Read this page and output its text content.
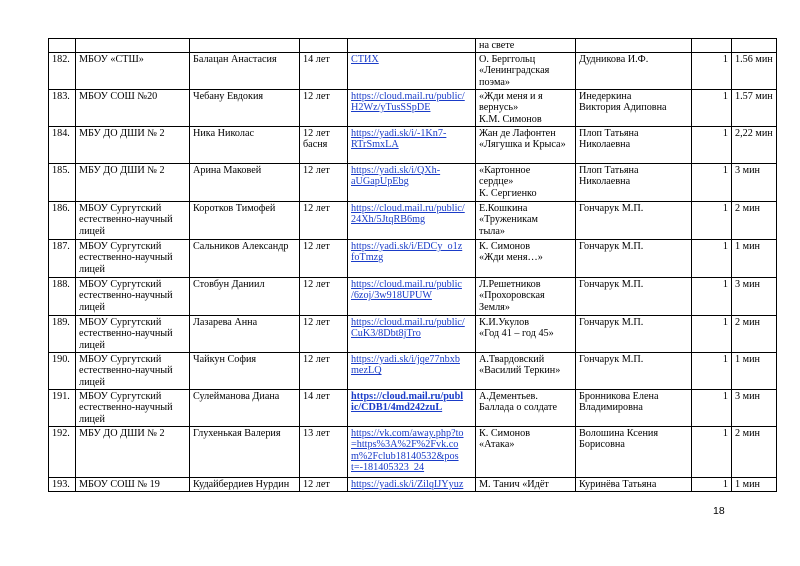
					на свете			
182.	МБОУ «СТШ»	Балацан Анастасия	14 лет	СТИХ	О. Берггольц
«Ленинградская
поэма»	Дудникова И.Ф.	1	1.56 мин
183.	МБОУ СОШ №20	Чебану Евдокия	12 лет	https://cloud.mail.ru/public/
H2Wz/yTusSSpDE	«Жди меня и я
вернусь»
К.М. Симонов	Инедеркина
Виктория Адиповна	1	1.57 мин
184.	МБУ ДО ДШИ № 2	Ника Николас	12 лет
басня	https://yadi.sk/i/-1Kn7-
RTrSmxLA	Жан де Лафонтен
«Лягушка и Крыса»	Плоп Татьяна
Николаевна	1	2,22 мин
185.	МБУ ДО ДШИ № 2	Арина Маковей	12 лет	https://yadi.sk/i/QXh-
aUGapUpEbg	«Картонное
сердце»
К. Сергиенко	Плоп Татьяна
Николаевна	1	3 мин
186.	МБОУ Сургутский
естественно-научный
лицей	Коротков Тимофей	12 лет	https://cloud.mail.ru/public/
24Xh/5JtqRB6mg	Е.Кошкина
«Труженикам
тыла»	Гончарук М.П.	1	2 мин
187.	МБОУ Сургутский
естественно-научный
лицей	Сальников Александр	12 лет	https://yadi.sk/i/EDCy_o1z
foTmzg	К. Симонов
«Жди меня…»	Гончарук М.П.	1	1 мин
188.	МБОУ Сургутский
естественно-научный
лицей	Стовбун Даниил	12 лет	https://cloud.mail.ru/public
/6zoj/3w918UPUW	Л.Решетников
«Прохоровская
Земля»	Гончарук М.П.	1	3 мин
189.	МБОУ Сургутский
естественно-научный
лицей	Лазарева Анна	12 лет	https://cloud.mail.ru/public/
CuK3/8Dbt8jTro	К.И.Укулов
«Год 41 – год 45»	Гончарук М.П.	1	2 мин
190.	МБОУ Сургутский
естественно-научный
лицей	Чайкун София	12 лет	https://yadi.sk/i/jqe77nbxb
mezLQ	А.Твардовский
«Василий Теркин»	Гончарук М.П.	1	1 мин
191.	МБОУ Сургутский
естественно-научный
лицей	Сулейманова Диана	14 лет	https://cloud.mail.ru/publ
ic/CDB1/4md242zuL	А.Дементьев.
Баллада о солдате	Бронникова Елена
Владимировна	1	3 мин
192.	МБУ ДО ДШИ № 2	Глухенькая Валерия	13 лет	https://vk.com/away.php?to
=https%3A%2F%2Fvk.co
m%2Fclub18140532&pos
t=-181405323_24	К. Симонов
«Атака»	Волошина Ксения
Борисовна	1	2 мин
193.	МБОУ СОШ № 19	Кудайбердиев Нурдин	12 лет	https://yadi.sk/i/ZilqIJYyuz	М. Танич «Идёт	Куринёва Татьяна	1	1 мин
18
